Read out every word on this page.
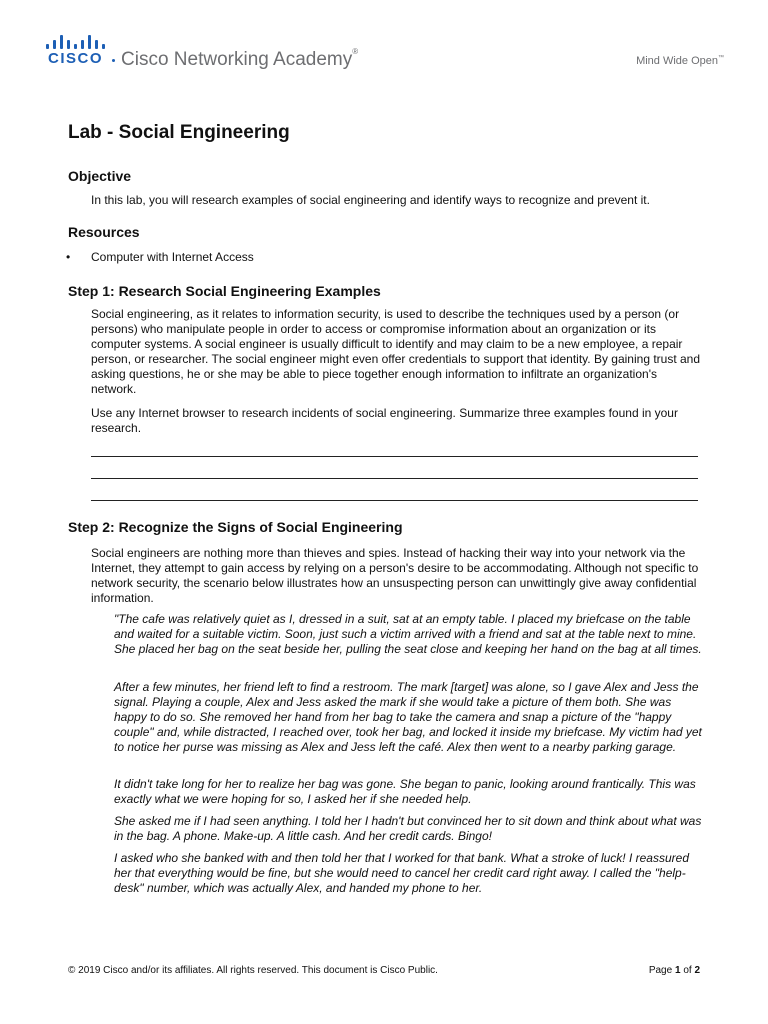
CISCO Cisco Networking Academy®
Mind Wide Open™
Lab - Social Engineering
Objective

In this lab, you will research examples of social engineering and identify ways to recognize and prevent it.

Resources
• Computer with Internet Access

Step 1: Research Social Engineering Examples

Social engineering, as it relates to information security, is used to describe the techniques used by a person (or persons) who manipulate people in order to access or compromise information about an organization or its computer systems. A social engineer is usually difficult to identify and may claim to be a new employee, a repair person, or researcher. The social engineer might even offer credentials to support that identity. By gaining trust and asking questions, he or she may be able to piece together enough information to infiltrate an organization's network.

Use any Internet browser to research incidents of social engineering. Summarize three examples found in your research.

Step 2: Recognize the Signs of Social Engineering

Social engineers are nothing more than thieves and spies. Instead of hacking their way into your network via the Internet, they attempt to gain access by relying on a person's desire to be accommodating. Although not specific to network security, the scenario below illustrates how an unsuspecting person can unwittingly give away confidential information.

"The cafe was relatively quiet as I, dressed in a suit, sat at an empty table. I placed my briefcase on the table and waited for a suitable victim. Soon, just such a victim arrived with a friend and sat at the table next to mine. She placed her bag on the seat beside her, pulling the seat close and keeping her hand on the bag at all times.

After a few minutes, her friend left to find a restroom. The mark [target] was alone, so I gave Alex and Jess the signal. Playing a couple, Alex and Jess asked the mark if she would take a picture of them both. She was happy to do so. She removed her hand from her bag to take the camera and snap a picture of the "happy couple" and, while distracted, I reached over, took her bag, and locked it inside my briefcase. My victim had yet to notice her purse was missing as Alex and Jess left the café. Alex then went to a nearby parking garage.

It didn't take long for her to realize her bag was gone. She began to panic, looking around frantically. This was exactly what we were hoping for so, I asked her if she needed help.

She asked me if I had seen anything. I told her I hadn't but convinced her to sit down and think about what was in the bag. A phone. Make-up. A little cash. And her credit cards. Bingo!

I asked who she banked with and then told her that I worked for that bank. What a stroke of luck! I reassured her that everything would be fine, but she would need to cancel her credit card right away. I called the "help-desk" number, which was actually Alex, and handed my phone to her.

© 2019 Cisco and/or its affiliates. All rights reserved. This document is Cisco Public.	Page 1 of 2
